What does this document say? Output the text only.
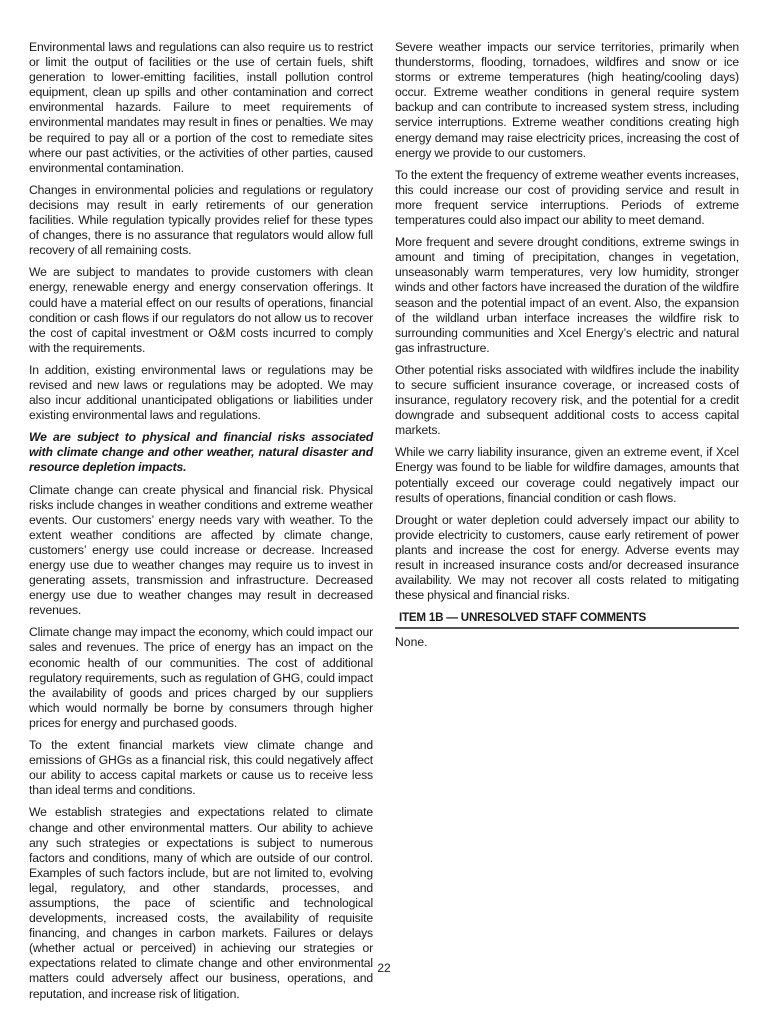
Environmental laws and regulations can also require us to restrict or limit the output of facilities or the use of certain fuels, shift generation to lower-emitting facilities, install pollution control equipment, clean up spills and other contamination and correct environmental hazards. Failure to meet requirements of environmental mandates may result in fines or penalties. We may be required to pay all or a portion of the cost to remediate sites where our past activities, or the activities of other parties, caused environmental contamination.

Changes in environmental policies and regulations or regulatory decisions may result in early retirements of our generation facilities. While regulation typically provides relief for these types of changes, there is no assurance that regulators would allow full recovery of all remaining costs.

We are subject to mandates to provide customers with clean energy, renewable energy and energy conservation offerings. It could have a material effect on our results of operations, financial condition or cash flows if our regulators do not allow us to recover the cost of capital investment or O&M costs incurred to comply with the requirements.

In addition, existing environmental laws or regulations may be revised and new laws or regulations may be adopted. We may also incur additional unanticipated obligations or liabilities under existing environmental laws and regulations.

We are subject to physical and financial risks associated with climate change and other weather, natural disaster and resource depletion impacts.

Climate change can create physical and financial risk. Physical risks include changes in weather conditions and extreme weather events. Our customers’ energy needs vary with weather. To the extent weather conditions are affected by climate change, customers’ energy use could increase or decrease. Increased energy use due to weather changes may require us to invest in generating assets, transmission and infrastructure. Decreased energy use due to weather changes may result in decreased revenues.

Climate change may impact the economy, which could impact our sales and revenues. The price of energy has an impact on the economic health of our communities. The cost of additional regulatory requirements, such as regulation of GHG, could impact the availability of goods and prices charged by our suppliers which would normally be borne by consumers through higher prices for energy and purchased goods.

To the extent financial markets view climate change and emissions of GHGs as a financial risk, this could negatively affect our ability to access capital markets or cause us to receive less than ideal terms and conditions.

We establish strategies and expectations related to climate change and other environmental matters. Our ability to achieve any such strategies or expectations is subject to numerous factors and conditions, many of which are outside of our control. Examples of such factors include, but are not limited to, evolving legal, regulatory, and other standards, processes, and assumptions, the pace of scientific and technological developments, increased costs, the availability of requisite financing, and changes in carbon markets. Failures or delays (whether actual or perceived) in achieving our strategies or expectations related to climate change and other environmental matters could adversely affect our business, operations, and reputation, and increase risk of litigation.

Severe weather impacts our service territories, primarily when thunderstorms, flooding, tornadoes, wildfires and snow or ice storms or extreme temperatures (high heating/cooling days) occur. Extreme weather conditions in general require system backup and can contribute to increased system stress, including service interruptions. Extreme weather conditions creating high energy demand may raise electricity prices, increasing the cost of energy we provide to our customers.

To the extent the frequency of extreme weather events increases, this could increase our cost of providing service and result in more frequent service interruptions. Periods of extreme temperatures could also impact our ability to meet demand.

More frequent and severe drought conditions, extreme swings in amount and timing of precipitation, changes in vegetation, unseasonably warm temperatures, very low humidity, stronger winds and other factors have increased the duration of the wildfire season and the potential impact of an event. Also, the expansion of the wildland urban interface increases the wildfire risk to surrounding communities and Xcel Energy’s electric and natural gas infrastructure.

Other potential risks associated with wildfires include the inability to secure sufficient insurance coverage, or increased costs of insurance, regulatory recovery risk, and the potential for a credit downgrade and subsequent additional costs to access capital markets.

While we carry liability insurance, given an extreme event, if Xcel Energy was found to be liable for wildfire damages, amounts that potentially exceed our coverage could negatively impact our results of operations, financial condition or cash flows.

Drought or water depletion could adversely impact our ability to provide electricity to customers, cause early retirement of power plants and increase the cost for energy. Adverse events may result in increased insurance costs and/or decreased insurance availability. We may not recover all costs related to mitigating these physical and financial risks.

ITEM 1B — UNRESOLVED STAFF COMMENTS
None.
22
